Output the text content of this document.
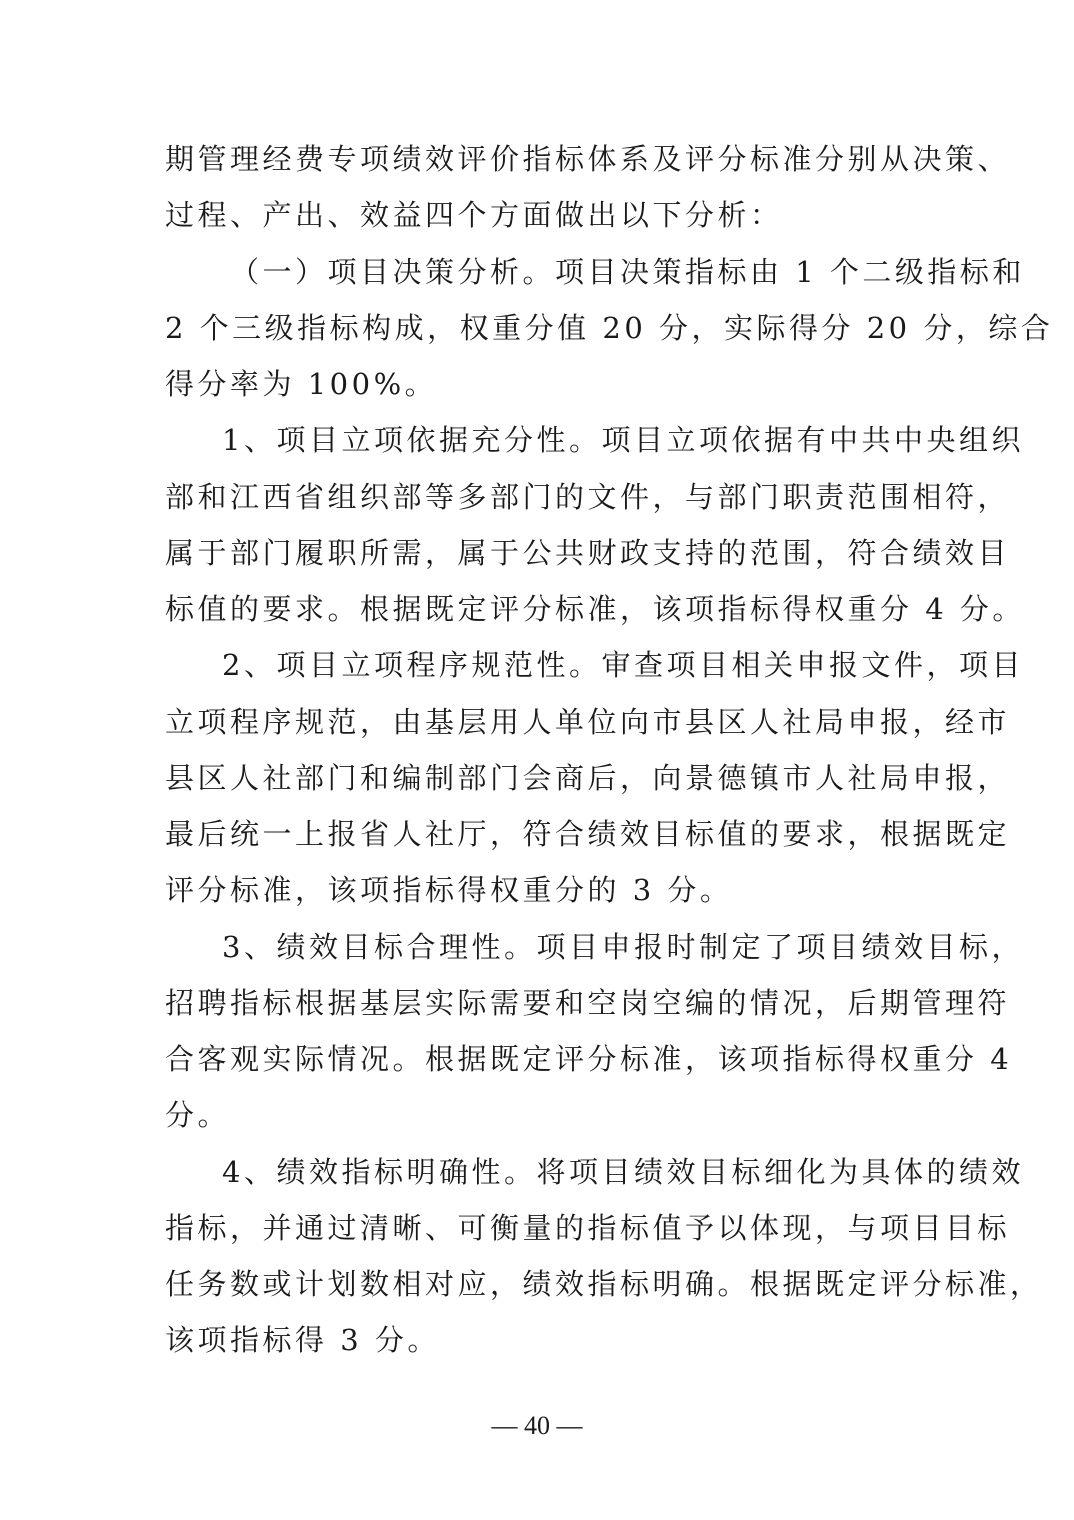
期管理经费专项绩效评价指标体系及评分标准分别从决策、
过程、产出、效益四个方面做出以下分析：
（一）项目决策分析。项目决策指标由 1 个二级指标和
2 个三级指标构成，权重分值 20 分，实际得分 20 分，综合
得分率为 100%。
1、项目立项依据充分性。项目立项依据有中共中央组织
部和江西省组织部等多部门的文件，与部门职责范围相符，
属于部门履职所需，属于公共财政支持的范围，符合绩效目
标值的要求。根据既定评分标准，该项指标得权重分 4 分。
2、项目立项程序规范性。审查项目相关申报文件，项目
立项程序规范，由基层用人单位向市县区人社局申报，经市
县区人社部门和编制部门会商后，向景德镇市人社局申报，
最后统一上报省人社厅，符合绩效目标值的要求，根据既定
评分标准，该项指标得权重分的 3 分。
3、绩效目标合理性。项目申报时制定了项目绩效目标，
招聘指标根据基层实际需要和空岗空编的情况，后期管理符
合客观实际情况。根据既定评分标准，该项指标得权重分 4
分。
4、绩效指标明确性。将项目绩效目标细化为具体的绩效
指标，并通过清晰、可衡量的指标值予以体现，与项目目标
任务数或计划数相对应，绩效指标明确。根据既定评分标准，
该项指标得 3 分。
— 40 —
